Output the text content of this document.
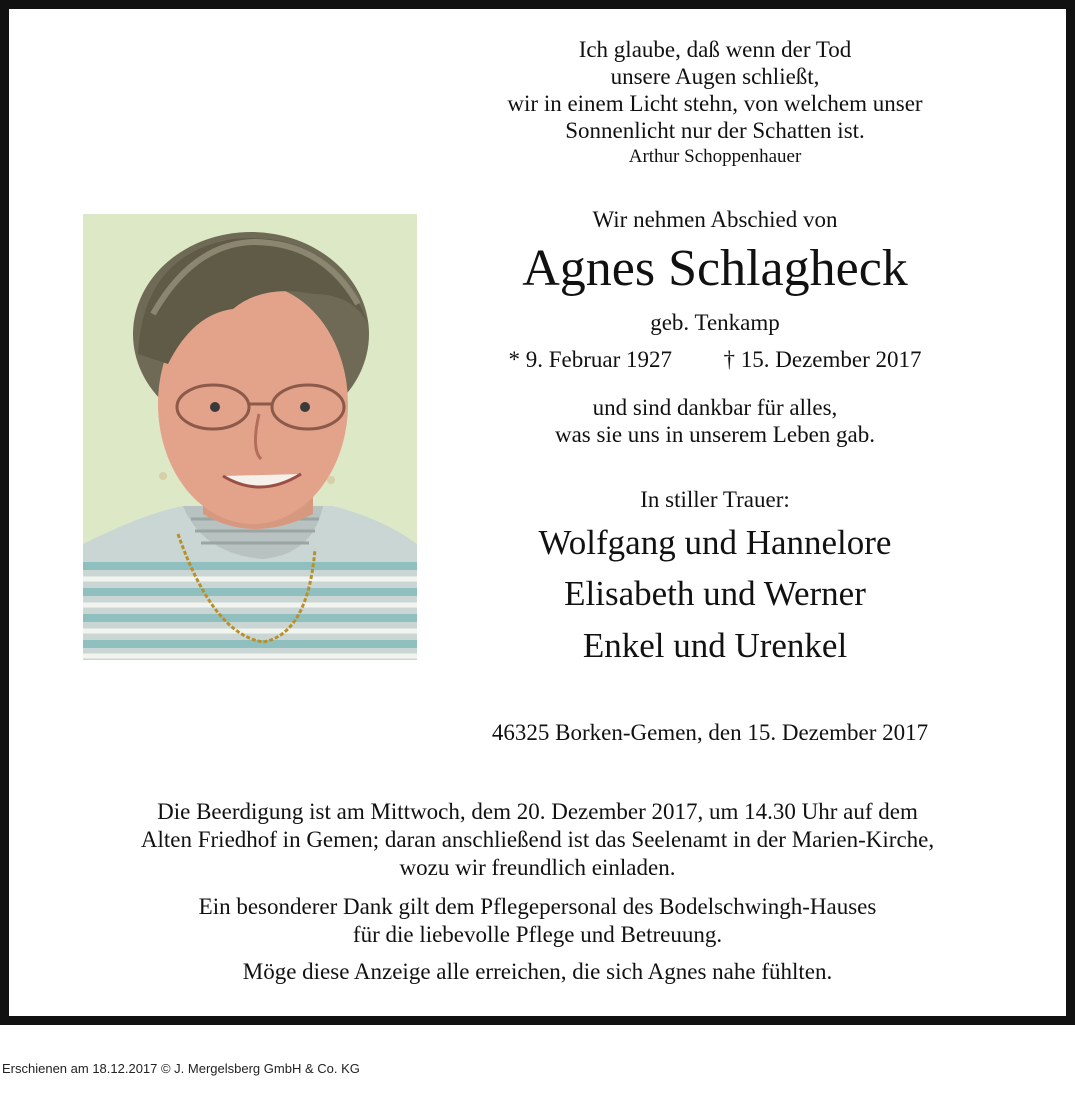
Ich glaube, daß wenn der Tod
unsere Augen schließt,
wir in einem Licht stehn, von welchem unser
Sonnenlicht nur der Schatten ist.
Arthur Schoppenhauer
Wir nehmen Abschied von
Agnes Schlagheck
geb. Tenkamp
* 9. Februar 1927 † 15. Dezember 2017
und sind dankbar für alles,
was sie uns in unserem Leben gab.
In stiller Trauer:
Wolfgang und Hannelore
Elisabeth und Werner
Enkel und Urenkel
46325 Borken-Gemen, den 15. Dezember 2017
Die Beerdigung ist am Mittwoch, dem 20. Dezember 2017, um 14.30 Uhr auf dem
Alten Friedhof in Gemen; daran anschließend ist das Seelenamt in der Marien-Kirche,
wozu wir freundlich einladen.
Ein besonderer Dank gilt dem Pflegepersonal des Bodelschwingh-Hauses
für die liebevolle Pflege und Betreuung.
Möge diese Anzeige alle erreichen, die sich Agnes nahe fühlten.
Erschienen am 18.12.2017 © J. Mergelsberg GmbH & Co. KG
